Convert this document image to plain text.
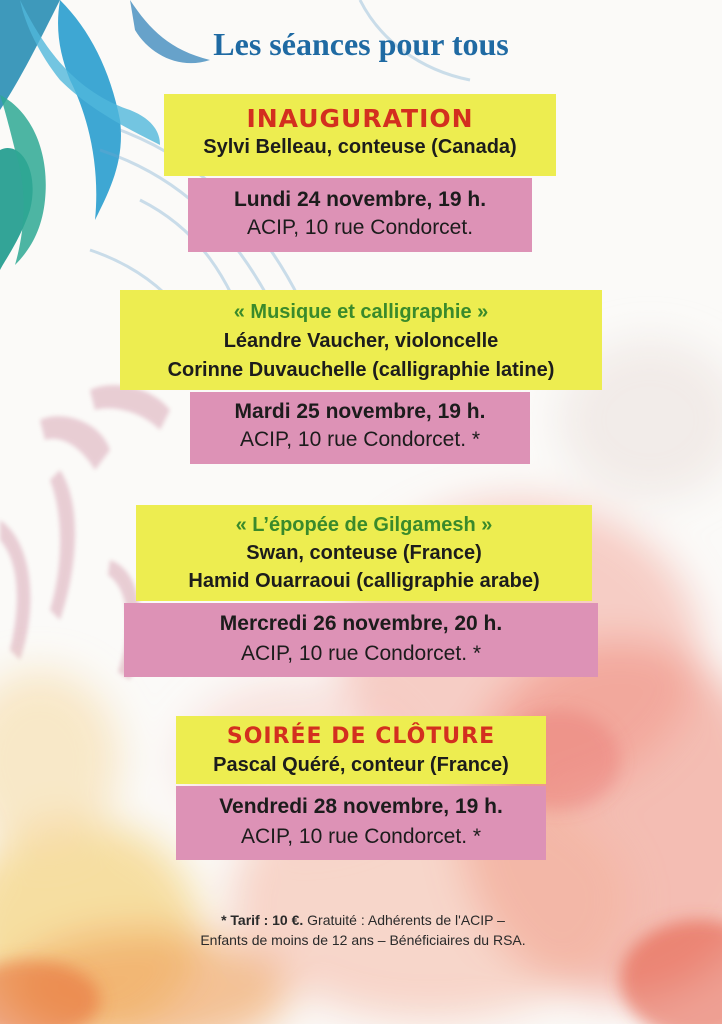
Les séances pour tous
INAUGURATION
Sylvi Belleau, conteuse (Canada)
Lundi 24 novembre, 19 h.
ACIP, 10 rue Condorcet.
« Musique et calligraphie »
Léandre Vaucher, violoncelle
Corinne Duvauchelle (calligraphie latine)
Mardi 25 novembre, 19 h.
ACIP, 10 rue Condorcet. *
« L’épopée de Gilgamesh »
Swan, conteuse (France)
Hamid Ouarraoui (calligraphie arabe)
Mercredi 26 novembre, 20 h.
ACIP, 10 rue Condorcet. *
SOIRÉE DE CLÔTURE
Pascal Quéré, conteur (France)
Vendredi 28 novembre, 19 h.
ACIP, 10 rue Condorcet. *
* Tarif : 10 €. Gratuité : Adhérents de l'ACIP –
Enfants de moins de 12 ans – Bénéficiaires du RSA.
